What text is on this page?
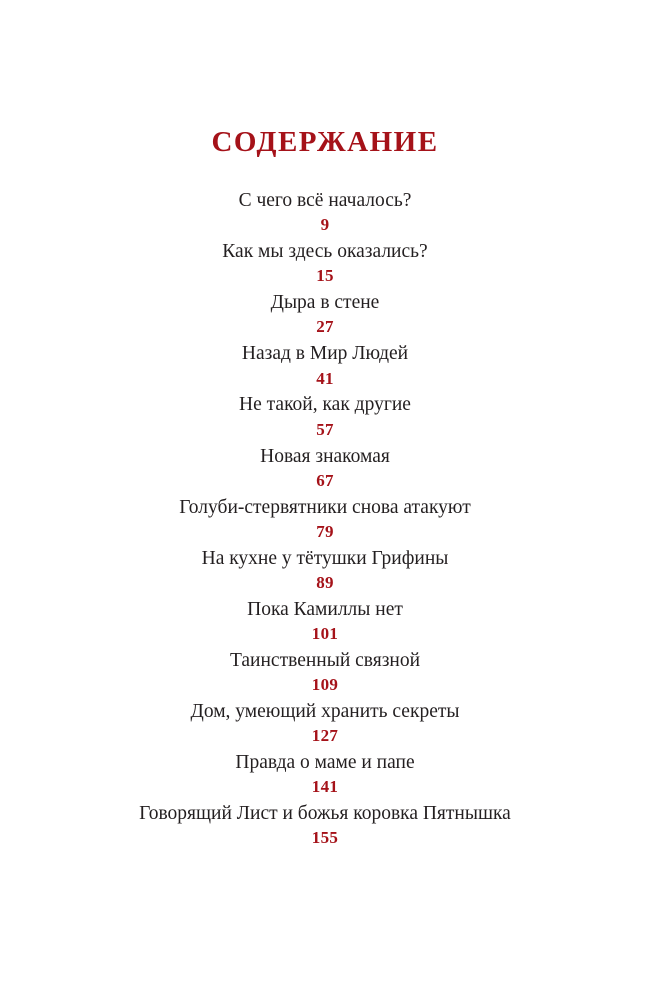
СОДЕРЖАНИЕ
С чего всё началось?
9
Как мы здесь оказались?
15
Дыра в стене
27
Назад в Мир Людей
41
Не такой, как другие
57
Новая знакомая
67
Голуби-стервятники снова атакуют
79
На кухне у тётушки Грифины
89
Пока Камиллы нет
101
Таинственный связной
109
Дом, умеющий хранить секреты
127
Правда о маме и папе
141
Говорящий Лист и божья коровка Пятнышка
155
